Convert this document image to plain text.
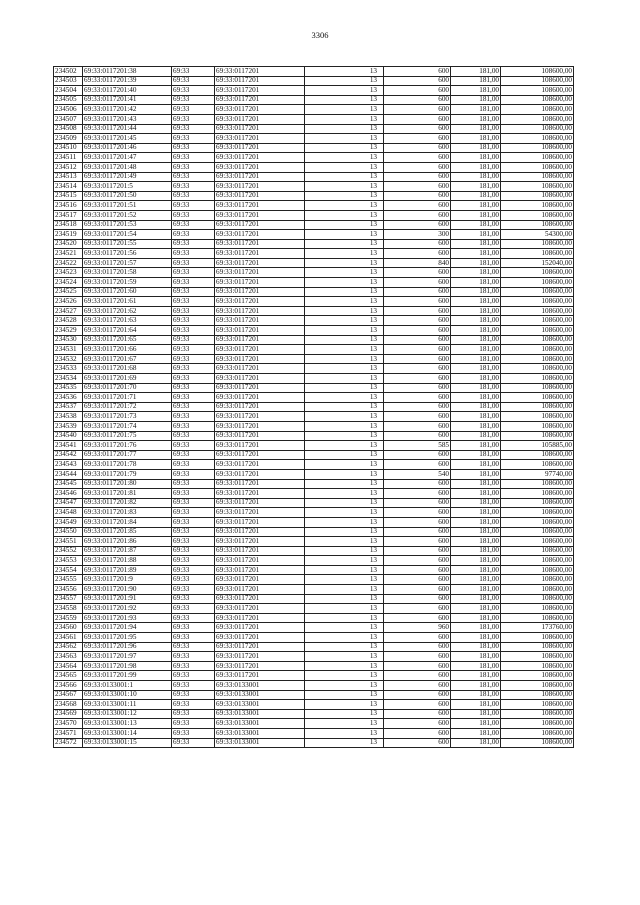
3306
234502	69:33:0117201:38	69:33	69:33:0117201	13	600	181,00	108600,00
234503	69:33:0117201:39	69:33	69:33:0117201	13	600	181,00	108600,00
234504	69:33:0117201:40	69:33	69:33:0117201	13	600	181,00	108600,00
234505	69:33:0117201:41	69:33	69:33:0117201	13	600	181,00	108600,00
234506	69:33:0117201:42	69:33	69:33:0117201	13	600	181,00	108600,00
234507	69:33:0117201:43	69:33	69:33:0117201	13	600	181,00	108600,00
234508	69:33:0117201:44	69:33	69:33:0117201	13	600	181,00	108600,00
234509	69:33:0117201:45	69:33	69:33:0117201	13	600	181,00	108600,00
234510	69:33:0117201:46	69:33	69:33:0117201	13	600	181,00	108600,00
234511	69:33:0117201:47	69:33	69:33:0117201	13	600	181,00	108600,00
234512	69:33:0117201:48	69:33	69:33:0117201	13	600	181,00	108600,00
234513	69:33:0117201:49	69:33	69:33:0117201	13	600	181,00	108600,00
234514	69:33:0117201:5	69:33	69:33:0117201	13	600	181,00	108600,00
234515	69:33:0117201:50	69:33	69:33:0117201	13	600	181,00	108600,00
234516	69:33:0117201:51	69:33	69:33:0117201	13	600	181,00	108600,00
234517	69:33:0117201:52	69:33	69:33:0117201	13	600	181,00	108600,00
234518	69:33:0117201:53	69:33	69:33:0117201	13	600	181,00	108600,00
234519	69:33:0117201:54	69:33	69:33:0117201	13	300	181,00	54300,00
234520	69:33:0117201:55	69:33	69:33:0117201	13	600	181,00	108600,00
234521	69:33:0117201:56	69:33	69:33:0117201	13	600	181,00	108600,00
234522	69:33:0117201:57	69:33	69:33:0117201	13	840	181,00	152040,00
234523	69:33:0117201:58	69:33	69:33:0117201	13	600	181,00	108600,00
234524	69:33:0117201:59	69:33	69:33:0117201	13	600	181,00	108600,00
234525	69:33:0117201:60	69:33	69:33:0117201	13	600	181,00	108600,00
234526	69:33:0117201:61	69:33	69:33:0117201	13	600	181,00	108600,00
234527	69:33:0117201:62	69:33	69:33:0117201	13	600	181,00	108600,00
234528	69:33:0117201:63	69:33	69:33:0117201	13	600	181,00	108600,00
234529	69:33:0117201:64	69:33	69:33:0117201	13	600	181,00	108600,00
234530	69:33:0117201:65	69:33	69:33:0117201	13	600	181,00	108600,00
234531	69:33:0117201:66	69:33	69:33:0117201	13	600	181,00	108600,00
234532	69:33:0117201:67	69:33	69:33:0117201	13	600	181,00	108600,00
234533	69:33:0117201:68	69:33	69:33:0117201	13	600	181,00	108600,00
234534	69:33:0117201:69	69:33	69:33:0117201	13	600	181,00	108600,00
234535	69:33:0117201:70	69:33	69:33:0117201	13	600	181,00	108600,00
234536	69:33:0117201:71	69:33	69:33:0117201	13	600	181,00	108600,00
234537	69:33:0117201:72	69:33	69:33:0117201	13	600	181,00	108600,00
234538	69:33:0117201:73	69:33	69:33:0117201	13	600	181,00	108600,00
234539	69:33:0117201:74	69:33	69:33:0117201	13	600	181,00	108600,00
234540	69:33:0117201:75	69:33	69:33:0117201	13	600	181,00	108600,00
234541	69:33:0117201:76	69:33	69:33:0117201	13	585	181,00	105885,00
234542	69:33:0117201:77	69:33	69:33:0117201	13	600	181,00	108600,00
234543	69:33:0117201:78	69:33	69:33:0117201	13	600	181,00	108600,00
234544	69:33:0117201:79	69:33	69:33:0117201	13	540	181,00	97740,00
234545	69:33:0117201:80	69:33	69:33:0117201	13	600	181,00	108600,00
234546	69:33:0117201:81	69:33	69:33:0117201	13	600	181,00	108600,00
234547	69:33:0117201:82	69:33	69:33:0117201	13	600	181,00	108600,00
234548	69:33:0117201:83	69:33	69:33:0117201	13	600	181,00	108600,00
234549	69:33:0117201:84	69:33	69:33:0117201	13	600	181,00	108600,00
234550	69:33:0117201:85	69:33	69:33:0117201	13	600	181,00	108600,00
234551	69:33:0117201:86	69:33	69:33:0117201	13	600	181,00	108600,00
234552	69:33:0117201:87	69:33	69:33:0117201	13	600	181,00	108600,00
234553	69:33:0117201:88	69:33	69:33:0117201	13	600	181,00	108600,00
234554	69:33:0117201:89	69:33	69:33:0117201	13	600	181,00	108600,00
234555	69:33:0117201:9	69:33	69:33:0117201	13	600	181,00	108600,00
234556	69:33:0117201:90	69:33	69:33:0117201	13	600	181,00	108600,00
234557	69:33:0117201:91	69:33	69:33:0117201	13	600	181,00	108600,00
234558	69:33:0117201:92	69:33	69:33:0117201	13	600	181,00	108600,00
234559	69:33:0117201:93	69:33	69:33:0117201	13	600	181,00	108600,00
234560	69:33:0117201:94	69:33	69:33:0117201	13	960	181,00	173760,00
234561	69:33:0117201:95	69:33	69:33:0117201	13	600	181,00	108600,00
234562	69:33:0117201:96	69:33	69:33:0117201	13	600	181,00	108600,00
234563	69:33:0117201:97	69:33	69:33:0117201	13	600	181,00	108600,00
234564	69:33:0117201:98	69:33	69:33:0117201	13	600	181,00	108600,00
234565	69:33:0117201:99	69:33	69:33:0117201	13	600	181,00	108600,00
234566	69:33:0133001:1	69:33	69:33:0133001	13	600	181,00	108600,00
234567	69:33:0133001:10	69:33	69:33:0133001	13	600	181,00	108600,00
234568	69:33:0133001:11	69:33	69:33:0133001	13	600	181,00	108600,00
234569	69:33:0133001:12	69:33	69:33:0133001	13	600	181,00	108600,00
234570	69:33:0133001:13	69:33	69:33:0133001	13	600	181,00	108600,00
234571	69:33:0133001:14	69:33	69:33:0133001	13	600	181,00	108600,00
234572	69:33:0133001:15	69:33	69:33:0133001	13	600	181,00	108600,00
